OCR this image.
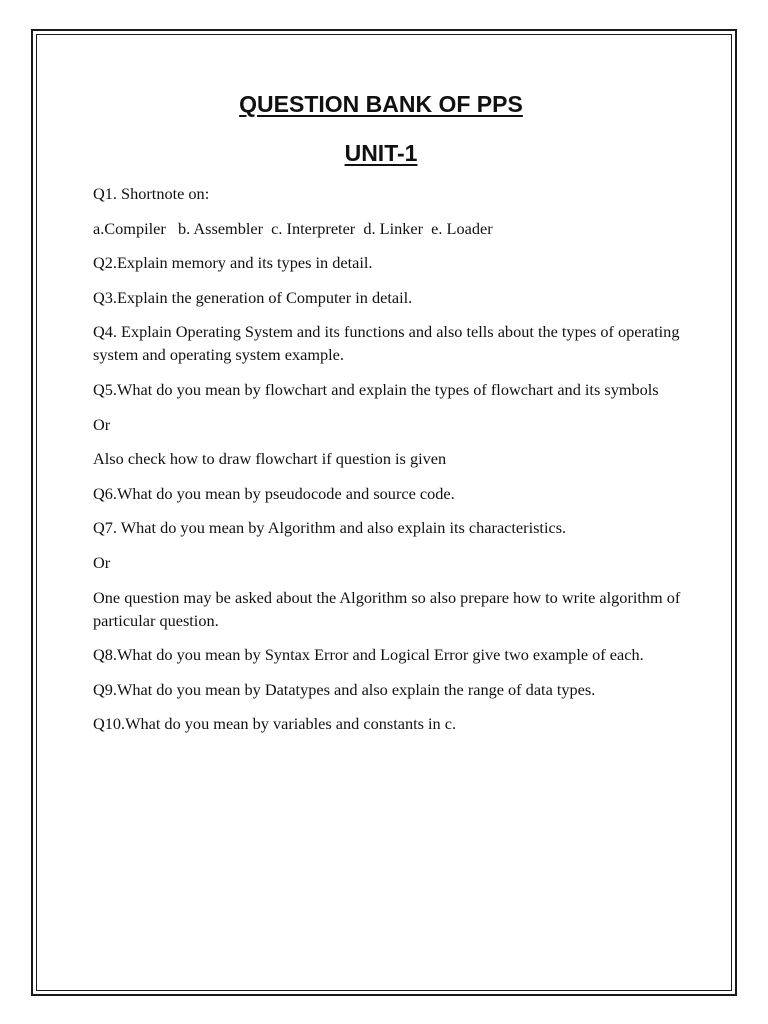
QUESTION BANK OF PPS
UNIT-1

Q1. Shortnote on:

a.Compiler   b. Assembler  c. Interpreter  d. Linker  e. Loader

Q2.Explain memory and its types in detail.

Q3.Explain the generation of Computer in detail.

Q4. Explain Operating System and its functions and also tells about the types of operating system and operating system example.

Q5.What do you mean by flowchart and explain the types of flowchart and its symbols

Or

Also check how to draw flowchart if question is given

Q6.What do you mean by pseudocode and source code.

Q7. What do you mean by Algorithm and also explain its characteristics.

Or

One question may be asked about the Algorithm so also prepare how to write algorithm of particular question.

Q8.What do you mean by Syntax Error and Logical Error give two example of each.

Q9.What do you mean by Datatypes and also explain the range of data types.

Q10.What do you mean by variables and constants in c.
